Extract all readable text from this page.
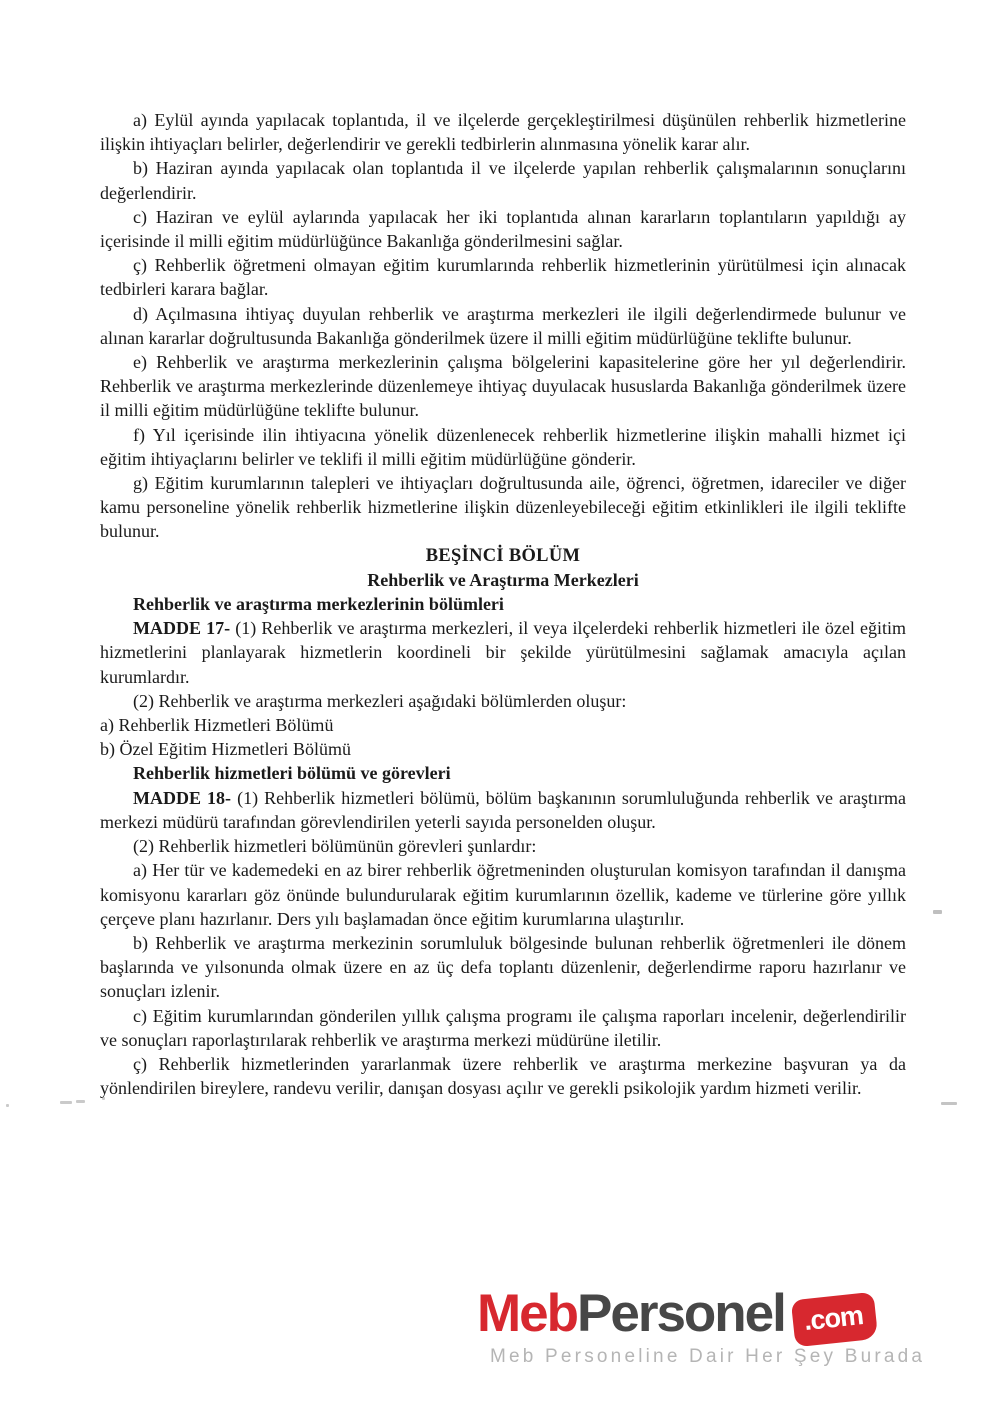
a) Eylül ayında yapılacak toplantıda, il ve ilçelerde gerçekleştirilmesi düşünülen rehberlik hizmetlerine ilişkin ihtiyaçları belirler, değerlendirir ve gerekli tedbirlerin alınmasına yönelik karar alır.

b) Haziran ayında yapılacak olan toplantıda il ve ilçelerde yapılan rehberlik çalışmalarının sonuçlarını değerlendirir.

c) Haziran ve eylül aylarında yapılacak her iki toplantıda alınan kararların toplantıların yapıldığı ay içerisinde il milli eğitim müdürlüğünce Bakanlığa gönderilmesini sağlar.

ç) Rehberlik öğretmeni olmayan eğitim kurumlarında rehberlik hizmetlerinin yürütülmesi için alınacak tedbirleri karara bağlar.

d) Açılmasına ihtiyaç duyulan rehberlik ve araştırma merkezleri ile ilgili değerlendirmede bulunur ve alınan kararlar doğrultusunda Bakanlığa gönderilmek üzere il milli eğitim müdürlüğüne teklifte bulunur.

e) Rehberlik ve araştırma merkezlerinin çalışma bölgelerini kapasitelerine göre her yıl değerlendirir. Rehberlik ve araştırma merkezlerinde düzenlemeye ihtiyaç duyulacak hususlarda Bakanlığa gönderilmek üzere il milli eğitim müdürlüğüne teklifte bulunur.

f) Yıl içerisinde ilin ihtiyacına yönelik düzenlenecek rehberlik hizmetlerine ilişkin mahalli hizmet içi eğitim ihtiyaçlarını belirler ve teklifi il milli eğitim müdürlüğüne gönderir.

g) Eğitim kurumlarının talepleri ve ihtiyaçları doğrultusunda aile, öğrenci, öğretmen, idareciler ve diğer kamu personeline yönelik rehberlik hizmetlerine ilişkin düzenleyebileceği eğitim etkinlikleri ile ilgili teklifte bulunur.

BEŞİNCİ BÖLÜM

Rehberlik ve Araştırma Merkezleri

Rehberlik ve araştırma merkezlerinin bölümleri

MADDE 17- (1) Rehberlik ve araştırma merkezleri, il veya ilçelerdeki rehberlik hizmetleri ile özel eğitim hizmetlerini planlayarak hizmetlerin koordineli bir şekilde yürütülmesini sağlamak amacıyla açılan kurumlardır.

(2) Rehberlik ve araştırma merkezleri aşağıdaki bölümlerden oluşur:

a) Rehberlik Hizmetleri Bölümü

b) Özel Eğitim Hizmetleri Bölümü

Rehberlik hizmetleri bölümü ve görevleri

MADDE 18- (1) Rehberlik hizmetleri bölümü, bölüm başkanının sorumluluğunda rehberlik ve araştırma merkezi müdürü tarafından görevlendirilen yeterli sayıda personelden oluşur.

(2) Rehberlik hizmetleri bölümünün görevleri şunlardır:

a) Her tür ve kademedeki en az birer rehberlik öğretmeninden oluşturulan komisyon tarafından il danışma komisyonu kararları göz önünde bulundurularak eğitim kurumlarının özellik, kademe ve türlerine göre yıllık çerçeve planı hazırlanır. Ders yılı başlamadan önce eğitim kurumlarına ulaştırılır.

b) Rehberlik ve araştırma merkezinin sorumluluk bölgesinde bulunan rehberlik öğretmenleri ile dönem başlarında ve yılsonunda olmak üzere en az üç defa toplantı düzenlenir, değerlendirme raporu hazırlanır ve sonuçları izlenir.

c) Eğitim kurumlarından gönderilen yıllık çalışma programı ile çalışma raporları incelenir, değerlendirilir ve sonuçları raporlaştırılarak rehberlik ve araştırma merkezi müdürüne iletilir.

ç) Rehberlik hizmetlerinden yararlanmak üzere rehberlik ve araştırma merkezine başvuran ya da yönlendirilen bireylere, randevu verilir, danışan dosyası açılır ve gerekli psikolojik yardım hizmeti verilir.

Meb Personel .com
Meb Personeline Dair Her Şey Burada
